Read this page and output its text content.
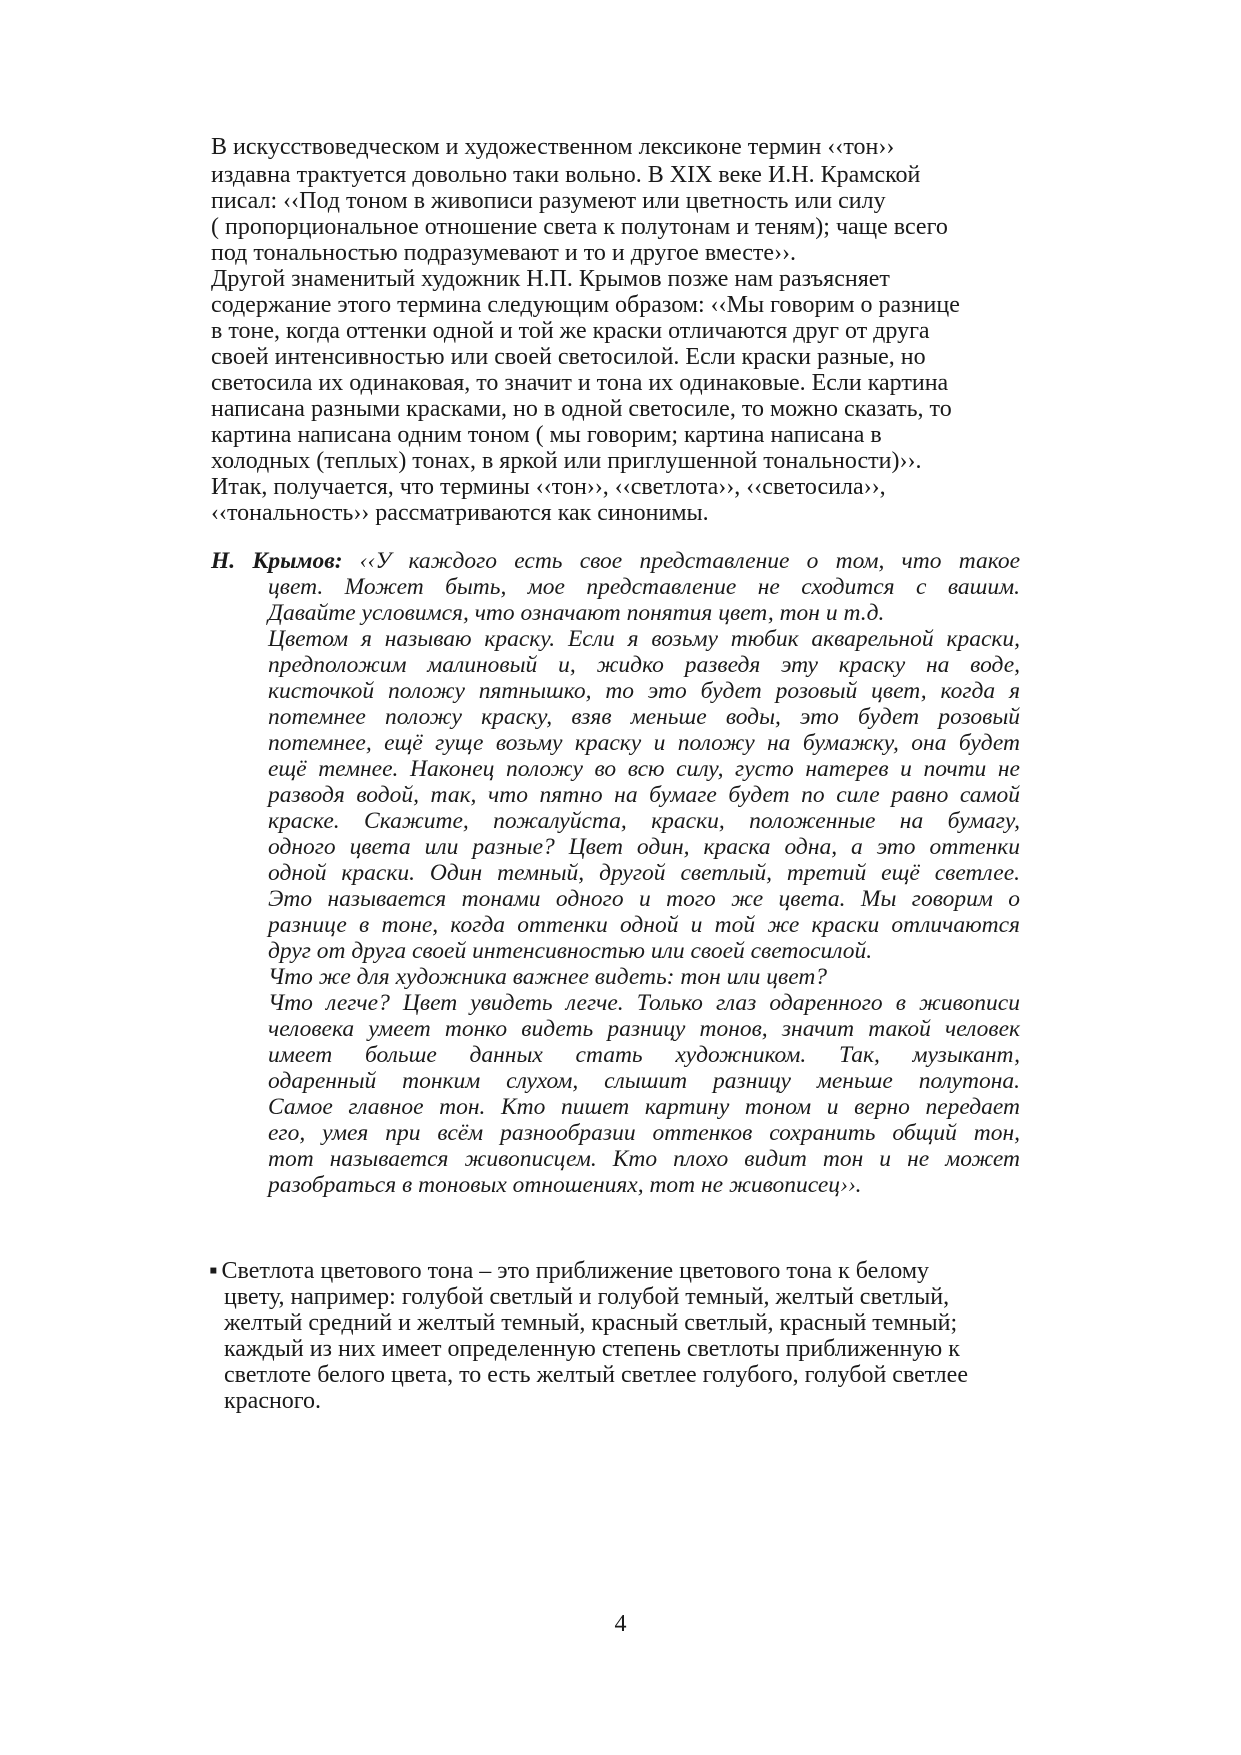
В искусствоведческом и художественном лексиконе термин ‹‹тон››
издавна трактуется довольно таки вольно. В XIX веке И.Н. Крамской
писал: ‹‹Под тоном в живописи разумеют или цветность или силу
( пропорциональное отношение света к полутонам и теням); чаще всего
под тональностью подразумевают и то и другое вместе››.
Другой знаменитый художник Н.П. Крымов позже нам разъясняет
содержание этого термина следующим образом: ‹‹Мы говорим о разнице
в тоне, когда оттенки одной и той же краски отличаются друг от друга
своей интенсивностью или своей светосилой. Если краски разные, но
светосила их одинаковая, то значит и тона их одинаковые. Если картина
написана разными красками, но в одной светосиле, то можно сказать, то
картина написана одним тоном ( мы говорим; картина написана в
холодных (теплых) тонах, в яркой или приглушенной тональности)››.
Итак, получается, что термины ‹‹тон››, ‹‹светлота››, ‹‹светосила››,
‹‹тональность›› рассматриваются как синонимы.
Н. Крымов: ‹‹У каждого есть свое представление о том, что такое
цвет. Может быть, мое представление не сходится с вашим.
Давайте условимся, что означают понятия цвет, тон и т.д.
Цветом я называю краску. Если я возьму тюбик акварельной краски,
предположим малиновый и, жидко разведя эту краску на воде,
кисточкой положу пятнышко, то это будет розовый цвет, когда я
потемнее положу краску, взяв меньше воды, это будет розовый
потемнее, ещё гуще возьму краску и положу на бумажку, она будет
ещё темнее. Наконец положу во всю силу, густо натерев и почти не
разводя водой, так, что пятно на бумаге будет по силе равно самой
краске. Скажите, пожалуйста, краски, положенные на бумагу,
одного цвета или разные? Цвет один, краска одна, а это оттенки
одной краски. Один темный, другой светлый, третий ещё светлее.
Это называется тонами одного и того же цвета. Мы говорим о
разнице в тоне, когда оттенки одной и той же краски отличаются
друг от друга своей интенсивностью или своей светосилой.
Что же для художника важнее видеть: тон или цвет?
Что легче? Цвет увидеть легче. Только глаз одаренного в живописи
человека умеет тонко видеть разницу тонов, значит такой человек
имеет больше данных стать художником. Так, музыкант,
одаренный тонким слухом, слышит разницу меньше полутона.
Самое главное тон. Кто пишет картину тоном и верно передает
его, умея при всём разнообразии оттенков сохранить общий тон,
тот называется живописцем. Кто плохо видит тон и не может
разобраться в тоновых отношениях, тот не живописец››.
▪ Светлота цветового тона – это приближение цветового тона к белому
цвету, например: голубой светлый и голубой темный, желтый светлый,
желтый средний и желтый темный, красный светлый, красный темный;
каждый из них имеет определенную степень светлоты приближенную к
светлоте белого цвета, то есть желтый светлее голубого, голубой светлее
красного.
4
